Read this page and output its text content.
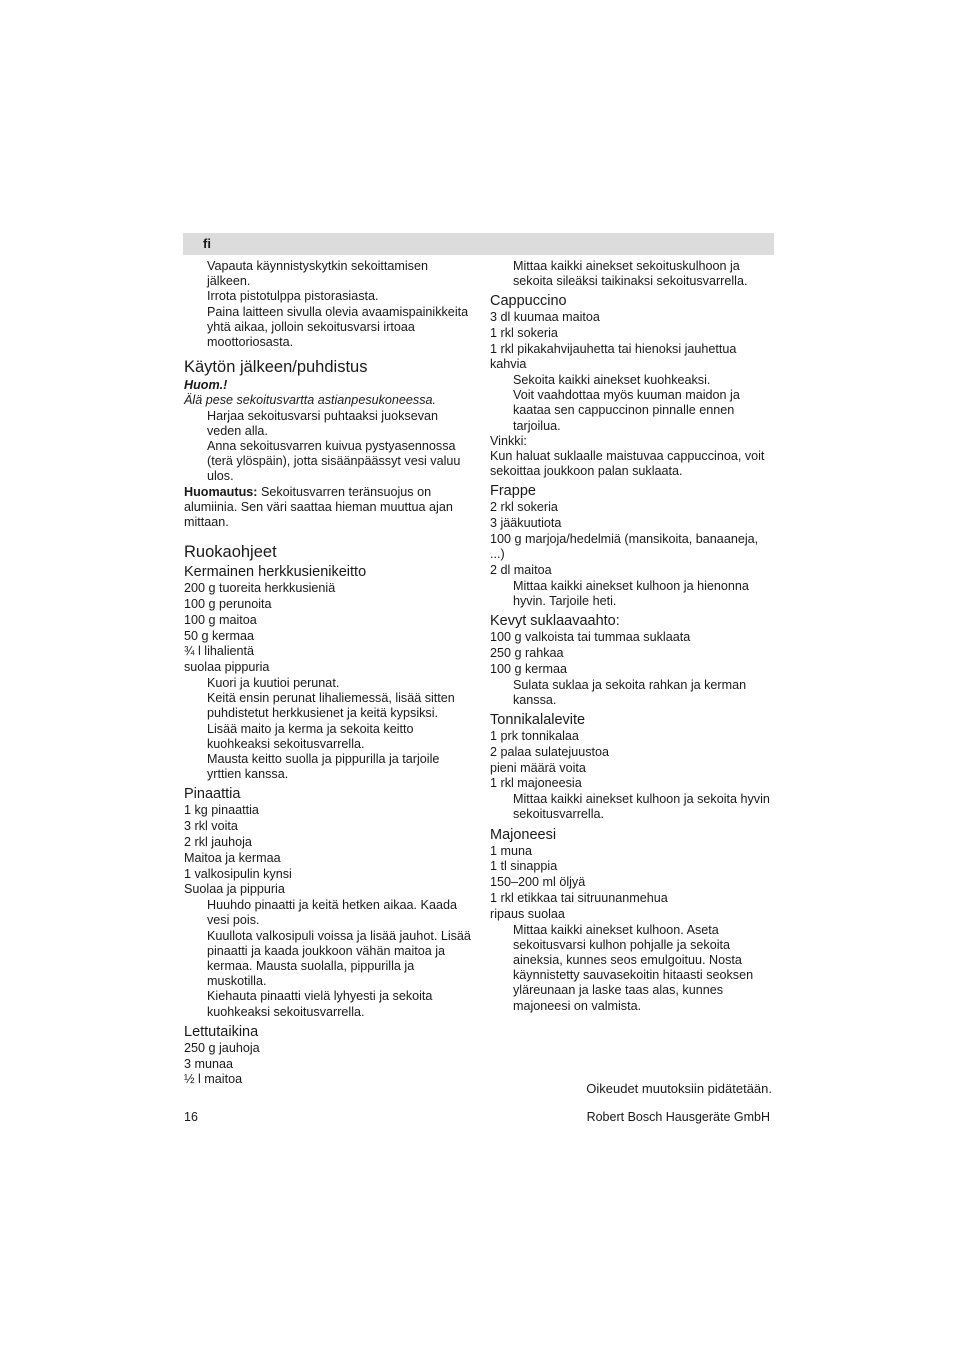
fi

Vapauta käynnistyskytkin sekoittamisen jälkeen.

Irrota pistotulppa pistorasiasta.

Paina laitteen sivulla olevia avaamispainikkeita yhtä aikaa, jolloin sekoitusvarsi irtoaa moottoriosasta.

Käytön jälkeen/puhdistus

Huom.!

Älä pese sekoitusvartta astianpesukoneessa.

Harjaa sekoitusvarsi puhtaaksi juoksevan veden alla.

Anna sekoitusvarren kuivua pystyasennossa (terä ylöspäin), jotta sisäänpäässyt vesi valuu ulos.

Huomautus: Sekoitusvarren teränsuojus on alumiinia. Sen väri saattaa hieman muuttua ajan mittaan.

Ruokaohjeet

Kermainen herkkusienikeitto

200 g tuoreita herkkusieniä

100 g perunoita

100 g maitoa

50 g kermaa

¾ l lihalientä

suolaa pippuria

Kuori ja kuutioi perunat.

Keitä ensin perunat lihaliemessä, lisää sitten puhdistetut herkkusienet ja keitä kypsiksi.

Lisää maito ja kerma ja sekoita keitto kuohkeaksi sekoitusvarrella.

Mausta keitto suolla ja pippurilla ja tarjoile yrttien kanssa.

Pinaattia

1 kg pinaattia

3 rkl voita

2 rkl jauhoja

Maitoa ja kermaa

1 valkosipulin kynsi

Suolaa ja pippuria

Huuhdo pinaatti ja keitä hetken aikaa. Kaada vesi pois.

Kuullota valkosipuli voissa ja lisää jauhot. Lisää pinaatti ja kaada joukkoon vähän maitoa ja kermaa. Mausta suolalla, pippurilla ja muskotilla.

Kiehauta pinaatti vielä lyhyesti ja sekoita kuohkeaksi sekoitusvarrella.

Lettutaikina

250 g jauhoja

3 munaa

½ l maitoa

Mittaa kaikki ainekset sekoituskulhoon ja sekoita sileäksi taikinaksi sekoitusvarrella.

Cappuccino

3 dl kuumaa maitoa

1 rkl sokeria

1 rkl pikakahvijauhetta tai hienoksi jauhettua kahvia

Sekoita kaikki ainekset kuohkeaksi.

Voit vaahdottaa myös kuuman maidon ja kaataa sen cappuccinon pinnalle ennen tarjoilua.

Vinkki:

Kun haluat suklaalle maistuvaa cappuccinoa, voit sekoittaa joukkoon palan suklaata.

Frappe

2 rkl sokeria

3 jääkuutiota

100 g marjoja/hedelmiä (mansikoita, banaaneja, ...)

2 dl maitoa

Mittaa kaikki ainekset kulhoon ja hienonna hyvin. Tarjoile heti.

Kevyt suklaavaahto:

100 g valkoista tai tummaa suklaata

250 g rahkaa

100 g kermaa

Sulata suklaa ja sekoita rahkan ja kerman kanssa.

Tonnikalalevite

1 prk tonnikalaa

2 palaa sulatejuustoa

pieni määrä voita

1 rkl majoneesia

Mittaa kaikki ainekset kulhoon ja sekoita hyvin sekoitusvarrella.

Majoneesi

1 muna

1 tl sinappia

150–200 ml öljyä

1 rkl etikkaa tai sitruunanmehua

ripaus suolaa

Mittaa kaikki ainekset kulhoon. Aseta sekoitusvarsi kulhon pohjalle ja sekoita aineksia, kunnes seos emulgoituu. Nosta käynnistetty sauvasekoitin hitaasti seoksen yläreunaan ja laske taas alas, kunnes majoneesi on valmista.

Oikeudet muutoksiin pidätetään.
16	Robert Bosch Hausgeräte GmbH
